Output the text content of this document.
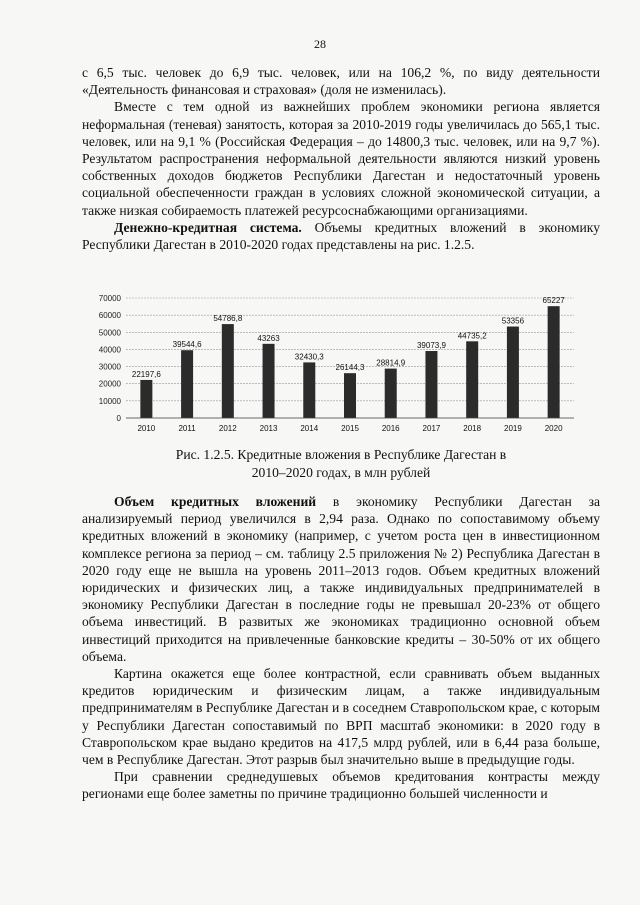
28

с 6,5 тыс. человек до 6,9 тыс. человек, или на 106,2 %, по виду деятельности «Деятельность финансовая и страховая» (доля не изменилась).

Вместе с тем одной из важнейших проблем экономики региона является неформальная (теневая) занятость, которая за 2010-2019 годы увеличилась до 565,1 тыс. человек, или на 9,1 % (Российская Федерация – до 14800,3 тыс. человек, или на 9,7 %). Результатом распространения неформальной деятельности являются низкий уровень собственных доходов бюджетов Республики Дагестан и недостаточный уровень социальной обеспеченности граждан в условиях сложной экономической ситуации, а также низкая собираемость платежей ресурсоснабжающими организациями.

Денежно-кредитная система. Объемы кредитных вложений в экономику Республики Дагестан в 2010-2020 годах представлены на рис. 1.2.5.

0
10000
20000
30000
40000
50000
60000
70000
22197,6
39544,6
54786,8
43263
32430,3
26144,3
28814,9
39073,9
44735,2
53356
65227
2010	2011	2012	2013	2014	2015	2016	2017	2018	2019	2020
Рис. 1.2.5. Кредитные вложения в Республике Дагестан в
2010–2020 годах, в млн рублей

Объем кредитных вложений в экономику Республики Дагестан за анализируемый период увеличился в 2,94 раза. Однако по сопоставимому объему кредитных вложений в экономику (например, с учетом роста цен в инвестиционном комплексе региона за период – см. таблицу 2.5 приложения № 2) Республика Дагестан в 2020 году еще не вышла на уровень 2011–2013 годов. Объем кредитных вложений юридических и физических лиц, а также индивидуальных предпринимателей в экономику Республики Дагестан в последние годы не превышал 20-23% от общего объема инвестиций. В развитых же экономиках традиционно основной объем инвестиций приходится на привлеченные банковские кредиты – 30-50% от их общего объема.

Картина окажется еще более контрастной, если сравнивать объем выданных кредитов юридическим и физическим лицам, а также индивидуальным предпринимателям в Республике Дагестан и в соседнем Ставропольском крае, с которым у Республики Дагестан сопоставимый по ВРП масштаб экономики: в 2020 году в Ставропольском крае выдано кредитов на 417,5 млрд рублей, или в 6,44 раза больше, чем в Республике Дагестан. Этот разрыв был значительно выше в предыдущие годы.

При сравнении среднедушевых объемов кредитования контрасты между регионами еще более заметны по причине традиционно большей численности и
